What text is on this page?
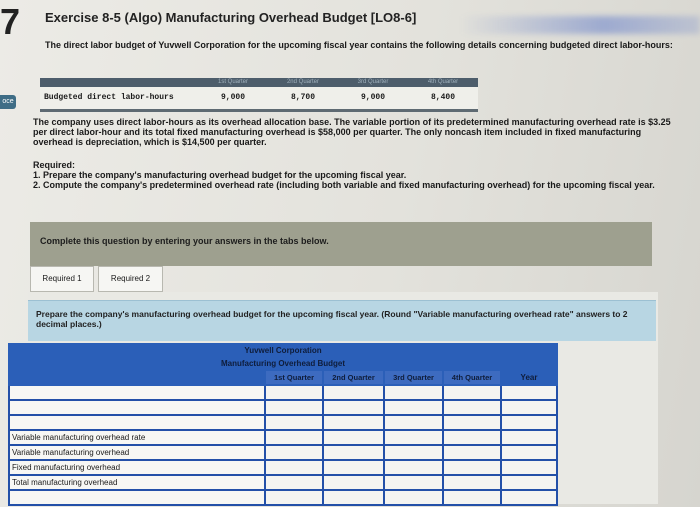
7
oce
Exercise 8-5 (Algo) Manufacturing Overhead Budget [LO8-6]
The direct labor budget of Yuvwell Corporation for the upcoming fiscal year contains the following details concerning budgeted direct labor-hours:
	1st Quarter	2nd Quarter	3rd Quarter	4th Quarter
Budgeted direct labor-hours	9,000	8,700	9,000	8,400
The company uses direct labor-hours as its overhead allocation base. The variable portion of its predetermined manufacturing overhead rate is $3.25 per direct labor-hour and its total fixed manufacturing overhead is $58,000 per quarter. The only noncash item included in fixed manufacturing overhead is depreciation, which is $14,500 per quarter.
Required:
1. Prepare the company's manufacturing overhead budget for the upcoming fiscal year.
2. Compute the company's predetermined overhead rate (including both variable and fixed manufacturing overhead) for the upcoming fiscal year.
Complete this question by entering your answers in the tabs below.
Required 1	Required 2
Prepare the company's manufacturing overhead budget for the upcoming fiscal year. (Round "Variable manufacturing overhead rate" answers to 2 decimal places.)
Yuvwell Corporation					
Manufacturing Overhead Budget					
	1st Quarter	2nd Quarter	3rd Quarter	4th Quarter	Year

Variable manufacturing overhead rate					
Variable manufacturing overhead					
Fixed manufacturing overhead					
Total manufacturing overhead					
